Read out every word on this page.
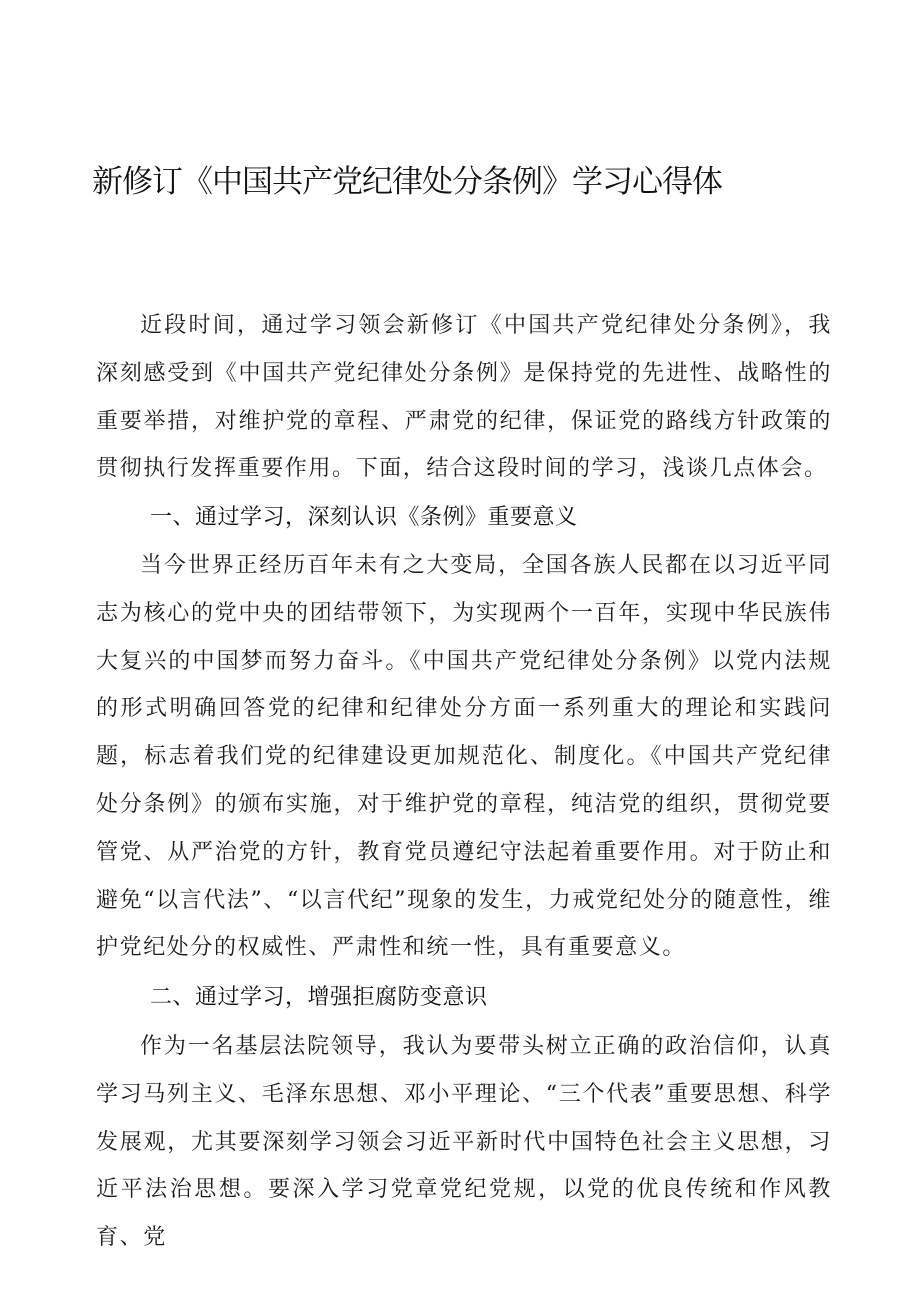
新修订《中国共产党纪律处分条例》学习心得体

近段时间，通过学习领会新修订《中国共产党纪律处分条例》，我深刻感受到《中国共产党纪律处分条例》是保持党的先进性、战略性的重要举措，对维护党的章程、严肃党的纪律，保证党的路线方针政策的贯彻执行发挥重要作用。下面，结合这段时间的学习，浅谈几点体会。

一、通过学习，深刻认识《条例》重要意义

当今世界正经历百年未有之大变局，全国各族人民都在以习近平同志为核心的党中央的团结带领下，为实现两个一百年，实现中华民族伟大复兴的中国梦而努力奋斗。《中国共产党纪律处分条例》以党内法规的形式明确回答党的纪律和纪律处分方面一系列重大的理论和实践问题，标志着我们党的纪律建设更加规范化、制度化。《中国共产党纪律处分条例》的颁布实施，对于维护党的章程，纯洁党的组织，贯彻党要管党、从严治党的方针，教育党员遵纪守法起着重要作用。对于防止和避免“以言代法”、“以言代纪”现象的发生，力戒党纪处分的随意性，维护党纪处分的权威性、严肃性和统一性，具有重要意义。

二、通过学习，增强拒腐防变意识

作为一名基层法院领导，我认为要带头树立正确的政治信仰，认真学习马列主义、毛泽东思想、邓小平理论、“三个代表”重要思想、科学发展观，尤其要深刻学习领会习近平新时代中国特色社会主义思想，习近平法治思想。要深入学习党章党纪党规，以党的优良传统和作风教育、党
